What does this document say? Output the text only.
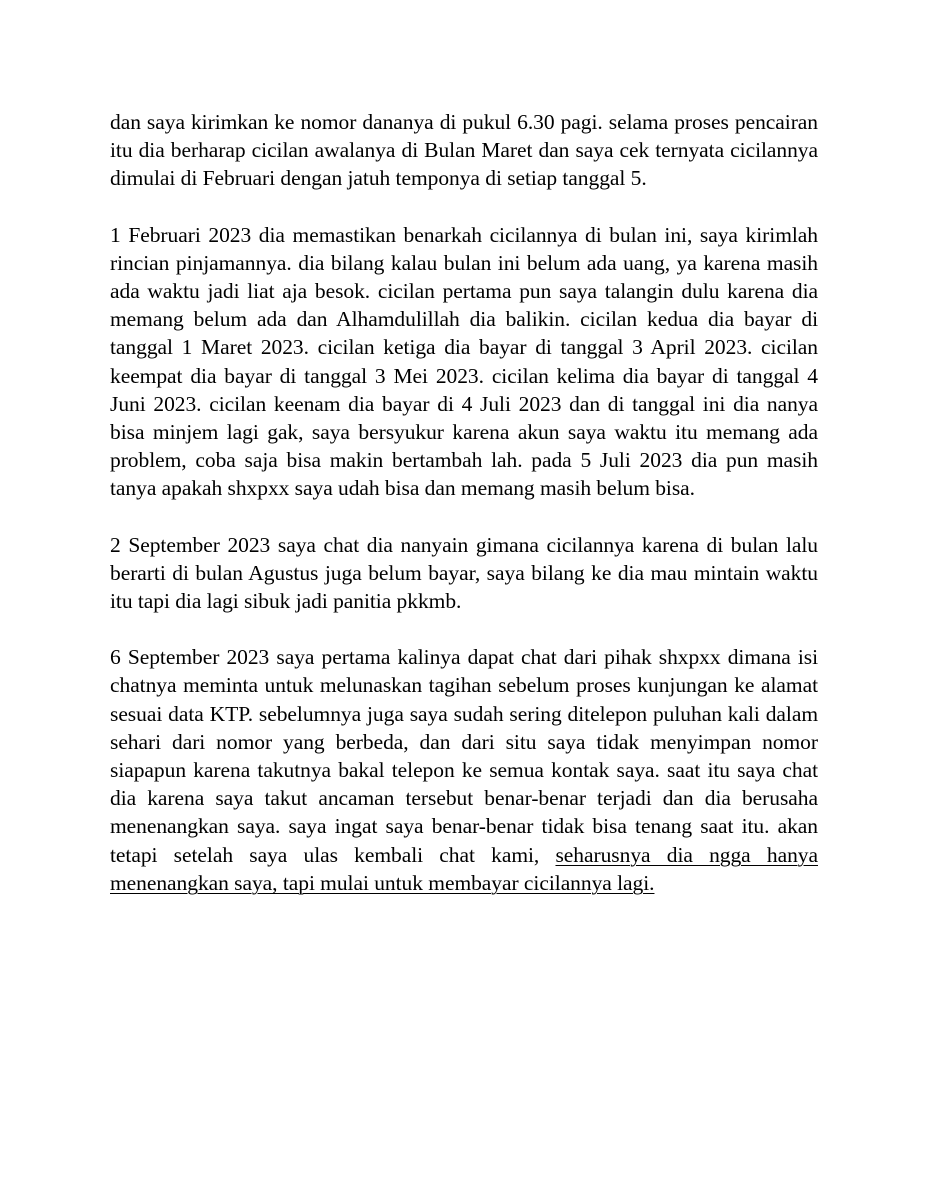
dan saya kirimkan ke nomor dananya di pukul 6.30 pagi. selama proses pencairan itu dia berharap cicilan awalanya di Bulan Maret dan saya cek ternyata cicilannya dimulai di Februari dengan jatuh temponya di setiap tanggal 5.

1 Februari 2023 dia memastikan benarkah cicilannya di bulan ini, saya kirimlah rincian pinjamannya. dia bilang kalau bulan ini belum ada uang, ya karena masih ada waktu jadi liat aja besok. cicilan pertama pun saya talangin dulu karena dia memang belum ada dan Alhamdulillah dia balikin. cicilan kedua dia bayar di tanggal 1 Maret 2023. cicilan ketiga dia bayar di tanggal 3 April 2023. cicilan keempat dia bayar di tanggal 3 Mei 2023. cicilan kelima dia bayar di tanggal 4 Juni 2023. cicilan keenam dia bayar di 4 Juli 2023 dan di tanggal ini dia nanya bisa minjem lagi gak, saya bersyukur karena akun saya waktu itu memang ada problem, coba saja bisa makin bertambah lah. pada 5 Juli 2023 dia pun masih tanya apakah shxpxx saya udah bisa dan memang masih belum bisa.

2 September 2023 saya chat dia nanyain gimana cicilannya karena di bulan lalu berarti di bulan Agustus juga belum bayar, saya bilang ke dia mau mintain waktu itu tapi dia lagi sibuk jadi panitia pkkmb.

6 September 2023 saya pertama kalinya dapat chat dari pihak shxpxx dimana isi chatnya meminta untuk melunaskan tagihan sebelum proses kunjungan ke alamat sesuai data KTP. sebelumnya juga saya sudah sering ditelepon puluhan kali dalam sehari dari nomor yang berbeda, dan dari situ saya tidak menyimpan nomor siapapun karena takutnya bakal telepon ke semua kontak saya. saat itu saya chat dia karena saya takut ancaman tersebut benar-benar terjadi dan dia berusaha menenangkan saya. saya ingat saya benar-benar tidak bisa tenang saat itu. akan tetapi setelah saya ulas kembali chat kami, seharusnya dia ngga hanya menenangkan saya, tapi mulai untuk membayar cicilannya lagi.
